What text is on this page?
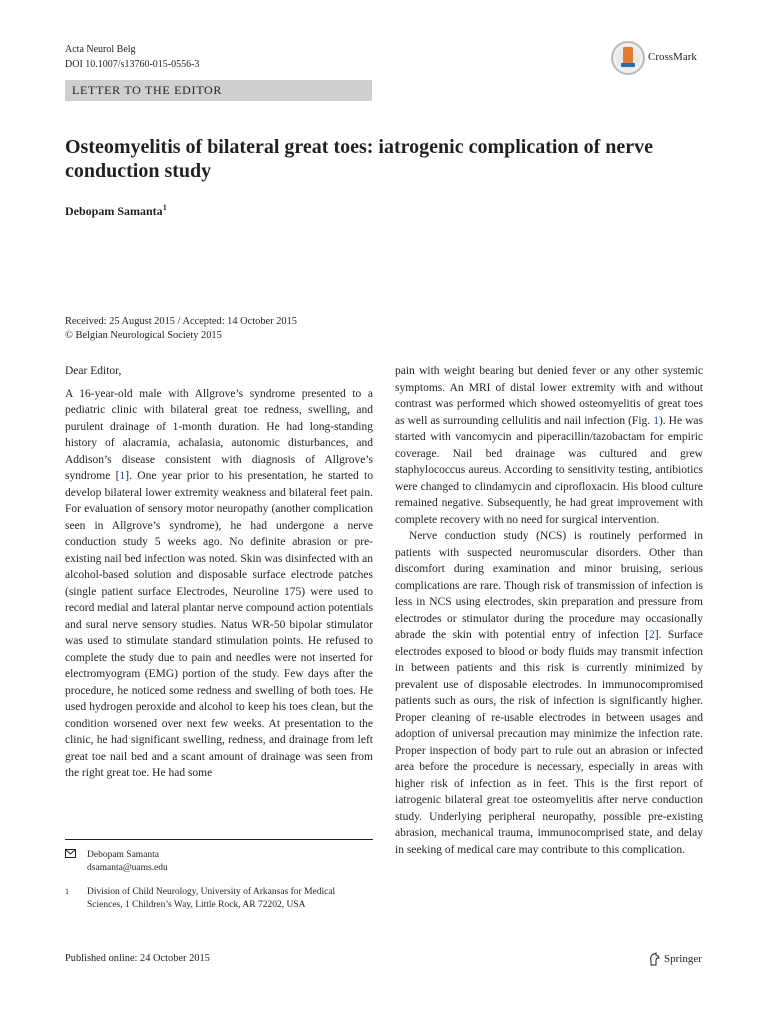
Acta Neurol Belg
DOI 10.1007/s13760-015-0556-3
CrossMark
LETTER TO THE EDITOR
Osteomyelitis of bilateral great toes: iatrogenic complication of nerve conduction study
Debopam Samanta$^1$
Received: 25 August 2015 / Accepted: 14 October 2015
© Belgian Neurological Society 2015

Dear Editor,

A 16-year-old male with Allgrove’s syndrome presented to a pediatric clinic with bilateral great toe redness, swelling, and purulent drainage of 1-month duration. He had long-standing history of alacramia, achalasia, autonomic disturbances, and Addison’s disease consistent with diagnosis of Allgrove’s syndrome [1]. One year prior to his presentation, he started to develop bilateral lower extremity weakness and bilateral feet pain. For evaluation of sensory motor neuropathy (another complication seen in Allgrove’s syndrome), he had undergone a nerve conduction study 5 weeks ago. No definite abrasion or pre-existing nail bed infection was noted. Skin was disinfected with an alcohol-based solution and disposable surface electrode patches (single patient surface Electrodes, Neuroline 175) were used to record medial and lateral plantar nerve compound action potentials and sural nerve sensory studies. Natus WR-50 bipolar stimulator was used to stimulate standard stimulation points. He refused to complete the study due to pain and needles were not inserted for electromyogram (EMG) portion of the study. Few days after the procedure, he noticed some redness and swelling of both toes. He used hydrogen peroxide and alcohol to keep his toes clean, but the condition worsened over next few weeks. At presentation to the clinic, he had significant swelling, redness, and drainage from left great toe nail bed and a scant amount of drainage was seen from the right great toe. He had some

pain with weight bearing but denied fever or any other systemic symptoms. An MRI of distal lower extremity with and without contrast was performed which showed osteomyelitis of great toes as well as surrounding cellulitis and nail infection (Fig. 1). He was started with vancomycin and piperacillin/tazobactam for empiric coverage. Nail bed drainage was cultured and grew staphylococcus aureus. According to sensitivity testing, antibiotics were changed to clindamycin and ciprofloxacin. His blood culture remained negative. Subsequently, he had great improvement with complete recovery with no need for surgical intervention.

Nerve conduction study (NCS) is routinely performed in patients with suspected neuromuscular disorders. Other than discomfort during examination and minor bruising, serious complications are rare. Though risk of transmission of infection is less in NCS using electrodes, skin preparation and pressure from electrodes or stimulator during the procedure may occasionally abrade the skin with potential entry of infection [2]. Surface electrodes exposed to blood or body fluids may transmit infection in between patients and this risk is currently minimized by prevalent use of disposable electrodes. In immunocompromised patients such as ours, the risk of infection is significantly higher. Proper cleaning of re-usable electrodes in between usages and adoption of universal precaution may minimize the infection rate. Proper inspection of body part to rule out an abrasion or infected area before the procedure is necessary, especially in areas with higher risk of infection as in feet. This is the first report of iatrogenic bilateral great toe osteomyelitis after nerve conduction study. Underlying peripheral neuropathy, possible pre-existing abrasion, mechanical trauma, immunocomprised state, and delay in seeking of medical care may contribute to this complication.

Debopam Samanta
dsamanta@uams.edu
1	Division of Child Neurology, University of Arkansas for Medical Sciences, 1 Children’s Way, Little Rock, AR 72202, USA
Published online: 24 October 2015	Springer
